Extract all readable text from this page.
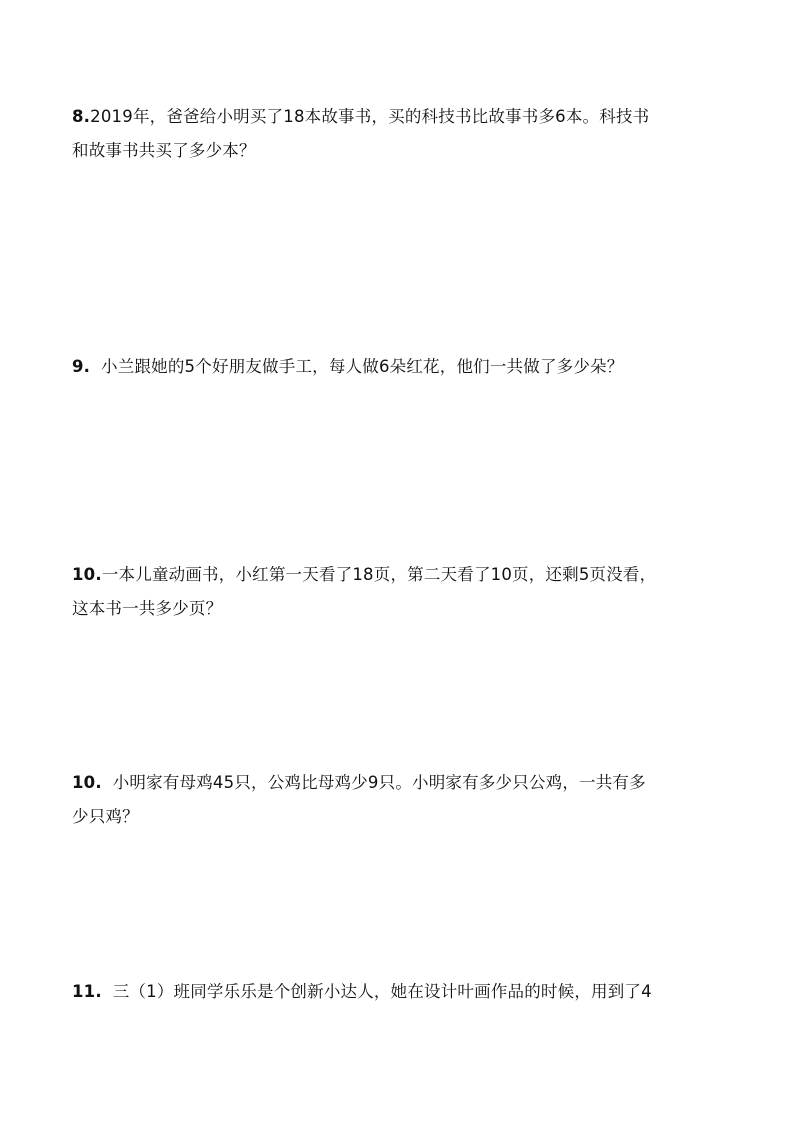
8.2019年，爸爸给小明买了18本故事书，买的科技书比故事书多6本。科技书
和故事书共买了多少本？
9. 小兰跟她的5个好朋友做手工，每人做6朵红花，他们一共做了多少朵？
10.一本儿童动画书，小红第一天看了18页，第二天看了10页，还剩5页没看，
这本书一共多少页？
10. 小明家有母鸡45只，公鸡比母鸡少9只。小明家有多少只公鸡，一共有多
少只鸡？
11. 三（1）班同学乐乐是个创新小达人，她在设计叶画作品的时候，用到了4
